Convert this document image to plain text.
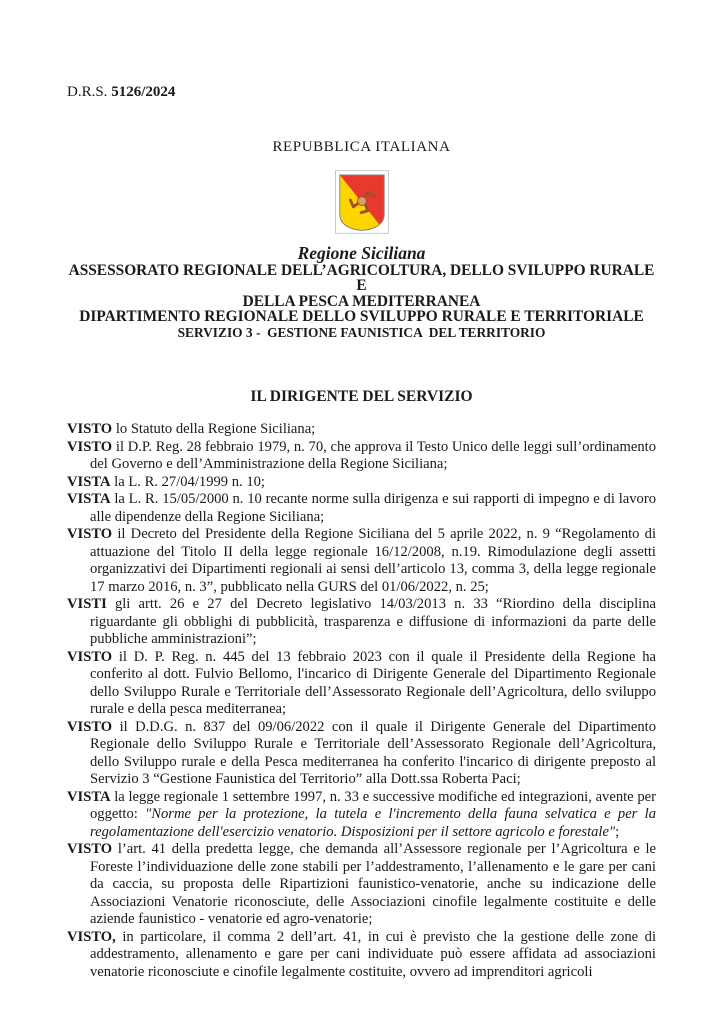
D.R.S. 5126/2024
REPUBBLICA ITALIANA
Regione Siciliana
ASSESSORATO REGIONALE DELL’AGRICOLTURA, DELLO SVILUPPO RURALE E
DELLA PESCA MEDITERRANEA
DIPARTIMENTO REGIONALE DELLO SVILUPPO RURALE E TERRITORIALE
SERVIZIO 3 -  GESTIONE FAUNISTICA  DEL TERRITORIO
IL DIRIGENTE DEL SERVIZIO
VISTO lo Statuto della Regione Siciliana;
VISTO il D.P. Reg. 28 febbraio 1979, n. 70, che approva il Testo Unico delle leggi sull’ordinamento del Governo e dell’Amministrazione della Regione Siciliana;
VISTA la L. R. 27/04/1999 n. 10;
VISTA la L. R. 15/05/2000 n. 10 recante norme sulla dirigenza e sui rapporti di impegno e di lavoro alle dipendenze della Regione Siciliana;
VISTO il Decreto del Presidente della Regione Siciliana del 5 aprile 2022, n. 9 “Regolamento di attuazione del Titolo II della legge regionale 16/12/2008, n.19. Rimodulazione degli assetti organizzativi dei Dipartimenti regionali ai sensi dell’articolo 13, comma 3, della legge regionale 17 marzo 2016, n. 3”, pubblicato nella GURS del 01/06/2022, n. 25;
VISTI gli artt. 26 e 27 del Decreto legislativo 14/03/2013 n. 33 “Riordino della disciplina riguardante gli obblighi di pubblicità, trasparenza e diffusione di informazioni da parte delle pubbliche amministrazioni”;
VISTO il D. P. Reg. n. 445 del 13 febbraio 2023 con il quale il Presidente della Regione ha conferito al dott. Fulvio Bellomo, l'incarico di Dirigente Generale del Dipartimento Regionale dello Sviluppo Rurale e Territoriale dell’Assessorato Regionale dell’Agricoltura, dello sviluppo rurale e della pesca mediterranea;
VISTO il D.D.G. n. 837 del 09/06/2022 con il quale il Dirigente Generale del Dipartimento Regionale dello Sviluppo Rurale e Territoriale dell’Assessorato Regionale dell’Agricoltura, dello Sviluppo rurale e della Pesca mediterranea ha conferito l'incarico di dirigente preposto al Servizio 3 “Gestione Faunistica del Territorio” alla Dott.ssa Roberta Paci;
VISTA la legge regionale 1 settembre 1997, n. 33 e successive modifiche ed integrazioni, avente per oggetto: "Norme per la protezione, la tutela e l'incremento della fauna selvatica e per la regolamentazione dell'esercizio venatorio. Disposizioni per il settore agricolo e forestale";
VISTO l’art. 41 della predetta legge, che demanda all’Assessore regionale per l’Agricoltura e le Foreste l’individuazione delle zone stabili per l’addestramento, l’allenamento e le gare per cani da caccia, su proposta delle Ripartizioni faunistico-venatorie, anche su indicazione delle Associazioni Venatorie riconosciute, delle Associazioni cinofile legalmente costituite e delle aziende faunistico - venatorie ed agro-venatorie;
VISTO, in particolare, il comma 2 dell’art. 41, in cui è previsto che la gestione delle zone di addestramento, allenamento e gare per cani individuate può essere affidata ad associazioni venatorie riconosciute e cinofile legalmente costituite, ovvero ad imprenditori agricoli
